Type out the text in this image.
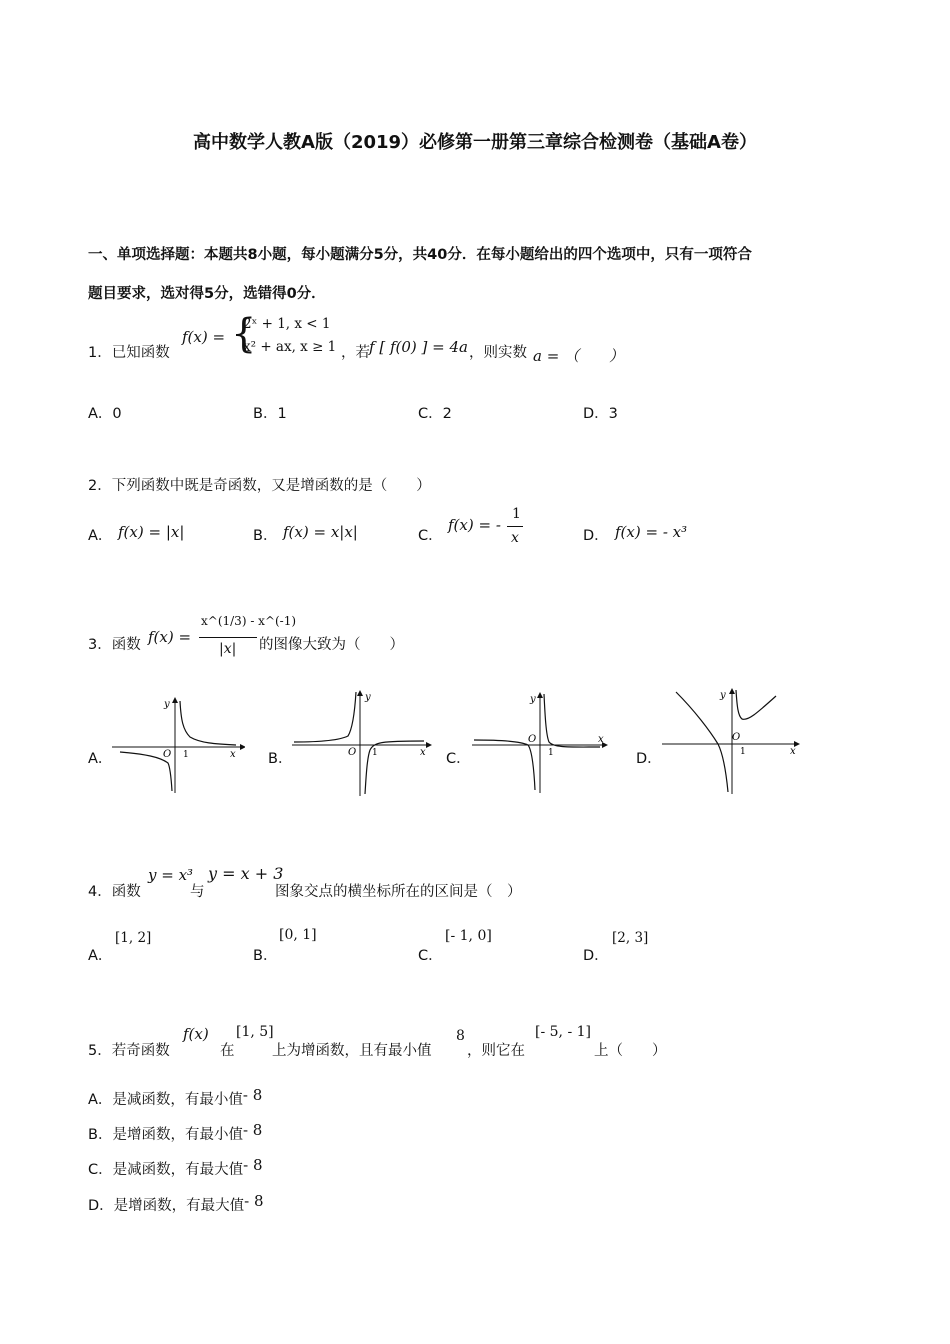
高中数学人教A版（2019）必修第一册第三章综合检测卷（基础A卷）
一、单项选择题：本题共8小题，每小题满分5分，共40分．在每小题给出的四个选项中，只有一项符合
题目要求，选对得5分，选错得0分．
1．已知函数
f(x) = {
2ˣ + 1, x < 1
x² + ax, x ≥ 1 ，若 f [ f(0) ] = 4a ，则实数 a = （　　）
A．0	B．1	C．2	D．3
2．下列函数中既是奇函数，又是增函数的是（　　）
A． f(x) = |x|	B． f(x) = x|x|	C．
f(x) = -
1
x	D． f(x) = - x³
3．函数 f(x) =
x^(1/3) - x^(-1)
|x| 的图像大致为（　　）
A．
y
x
O 1	B．
y
x
O 1	C．
y
x
O
1	D．
y
x
O
1
4．函数
y = x³
与
y = x + 3
图象交点的横坐标所在的区间是（　）
A．
[1, 2]
B．
[0, 1]
C．
[- 1, 0]
D．
[2, 3]
5．若奇函数
f(x)
在
[1, 5]
上为增函数，且有最小值
8
，则它在
[- 5, - 1]
上（　　）
A．是减函数，有最小值- 8
B．是增函数，有最小值- 8
C．是减函数，有最大值- 8
D．是增函数，有最大值- 8
